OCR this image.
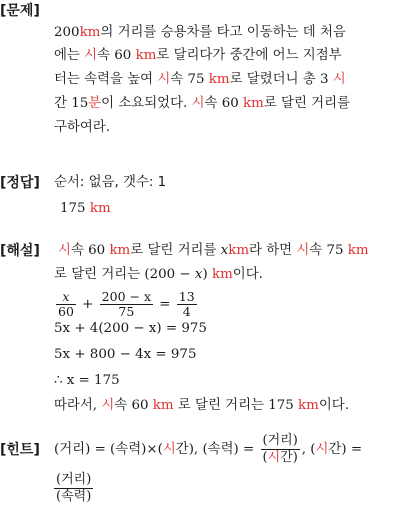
[문제]
200km의 거리를 승용차를 타고 이동하는 데 처음
에는 시속 60 km로 달리다가 중간에 어느 지점부
터는 속력을 높여 시속 75 km로 달렸더니 총 3 시
간 15분이 소요되었다. 시속 60 km로 달린 거리를
구하여라.
[정답] 순서: 없음, 갯수: 1
175 km
[해설] 시속 60 km로 달린 거리를 xkm라 하면 시속 75 km
로 달린 거리는 (200 − x) km이다.
$\frac{x}{60} + \frac{200 - x}{75} = \frac{13}{4}$
5x + 4(200 − x) = 975
5x + 800 − 4x = 975
∴ x = 175
따라서, 시속 60 km 로 달린 거리는 175 km이다.
[힌트] (거리) = (속력)×(시간), (속력) = $\frac{\text{(거리)}}{\text{(시간)}}$ , (시간) =
$\frac{\text{(거리)}}{\text{(속력)}}$
